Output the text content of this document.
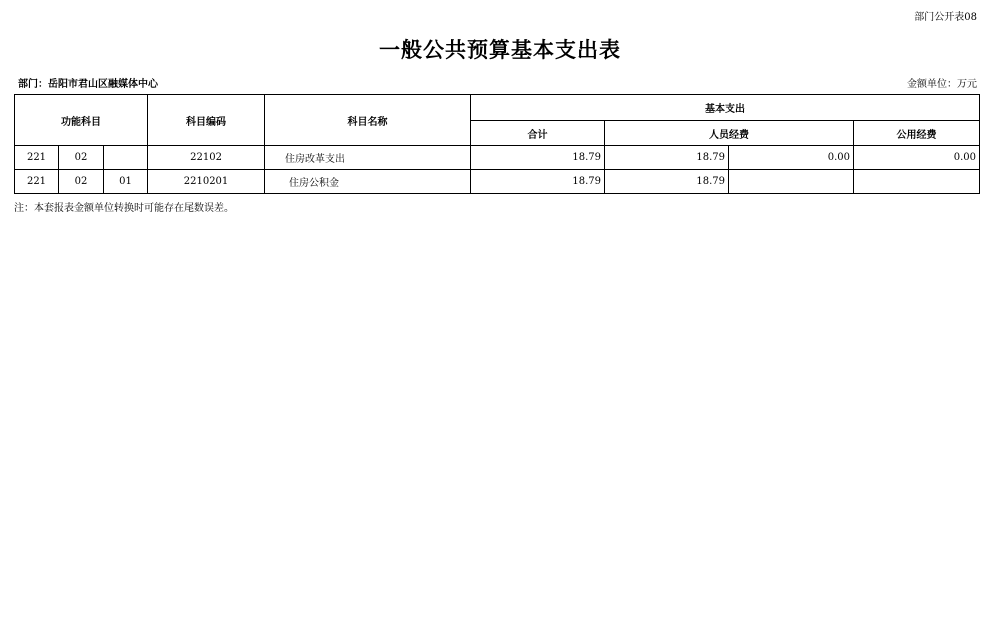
部门公开表08
一般公共预算基本支出表
部门：岳阳市君山区融媒体中心	金额单位：万元
功能科目			科目编码	科目名称	基本支出			
					合计	人员经费		公用经费
221	02		22102	住房改革支出	18.79	18.79	0.00	0.00
221	02	01	2210201	住房公积金	18.79	18.79		
注：本套报表金额单位转换时可能存在尾数误差。
